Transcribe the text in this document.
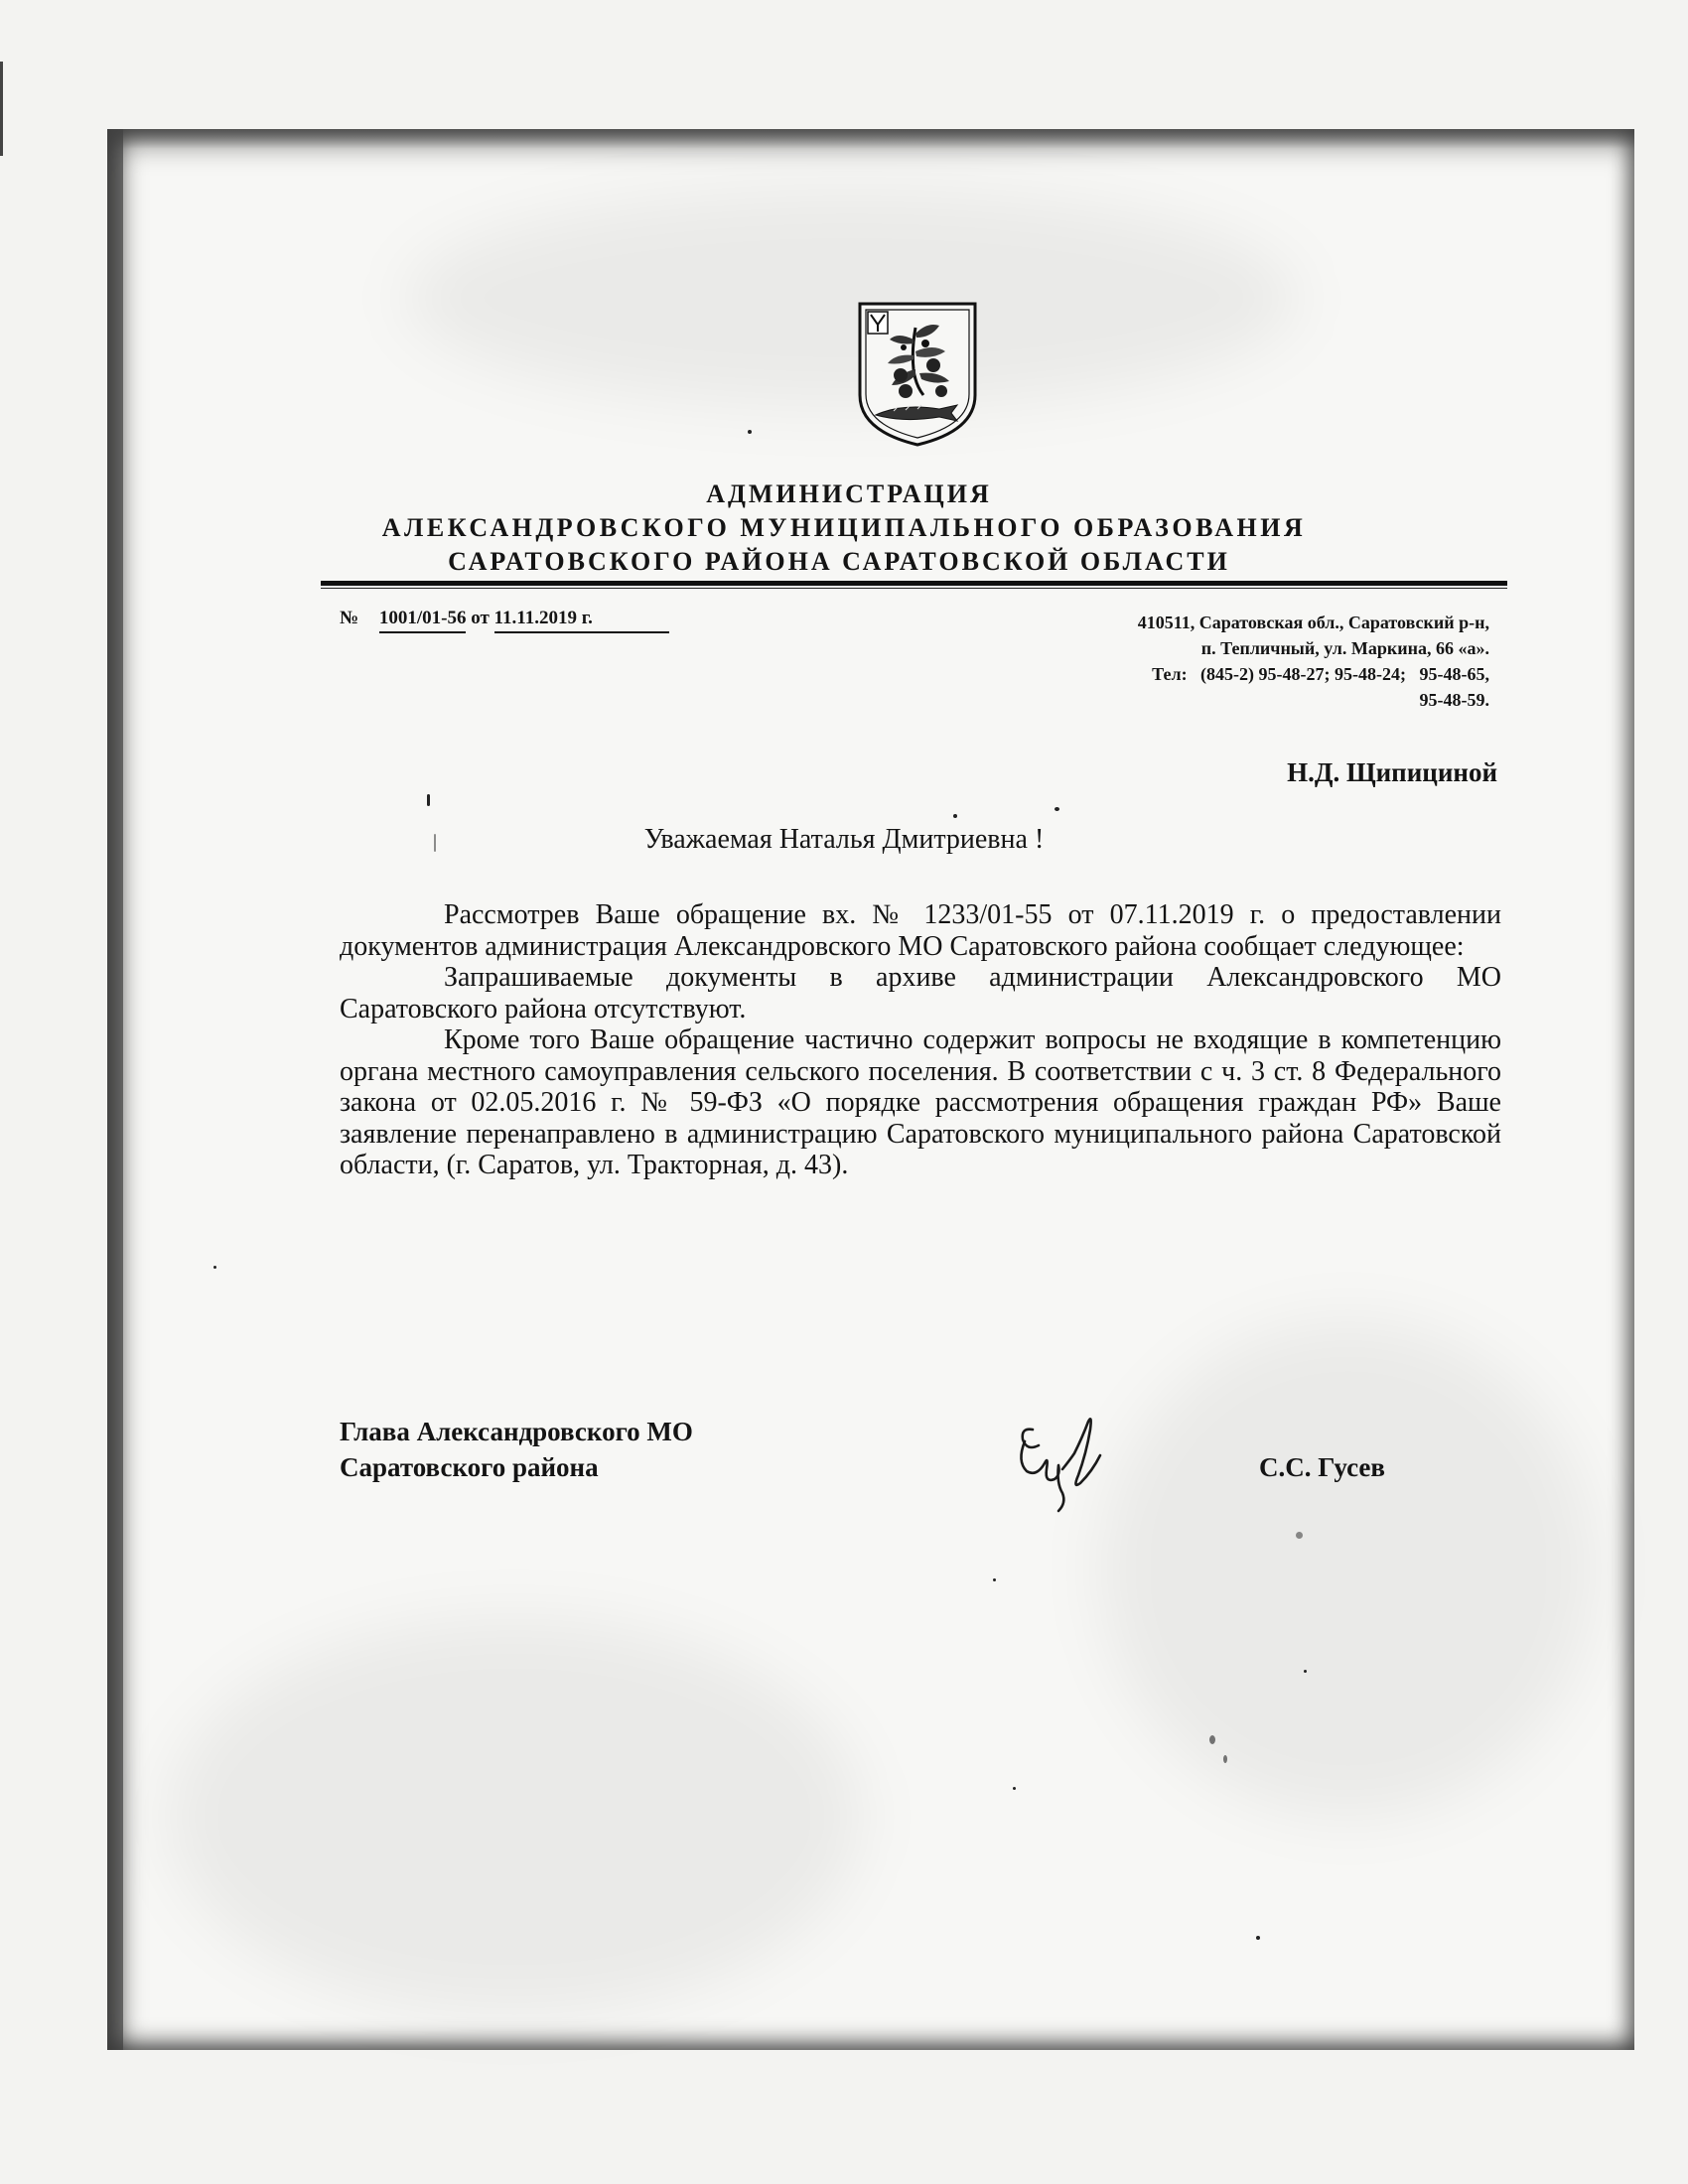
АДМИНИСТРАЦИЯ
АЛЕКСАНДРОВСКОГО МУНИЦИПАЛЬНОГО ОБРАЗОВАНИЯ
САРАТОВСКОГО РАЙОНА САРАТОВСКОЙ ОБЛАСТИ
№ 1001/01-56 от 11.11.2019 г.	410511, Саратовская обл., Саратовский р-н,
п. Тепличный, ул. Маркина, 66 «а».
Тел:   (845-2) 95-48-27; 95-48-24;   95-48-65,
95-48-59.
Н.Д. Щипициной
Уважаемая Наталья Дмитриевна !

Рассмотрев Ваше обращение вх. № 1233/01-55 от 07.11.2019 г. о предоставлении документов администрация Александровского МО Саратовского района сообщает следующее:

Запрашиваемые документы в архиве администрации Александровского МО Саратовского района отсутствуют.

Кроме того Ваше обращение частично содержит вопросы не входящие в компетенцию органа местного самоуправления сельского поселения. В соответствии с ч. 3 ст. 8 Федерального закона от 02.05.2016 г. № 59-ФЗ «О порядке рассмотрения обращения граждан РФ» Ваше заявление перенаправлено в администрацию Саратовского муниципального района Саратовской области, (г. Саратов, ул. Тракторная, д. 43).

Глава Александровского МО
Саратовского района	С.С. Гусев
